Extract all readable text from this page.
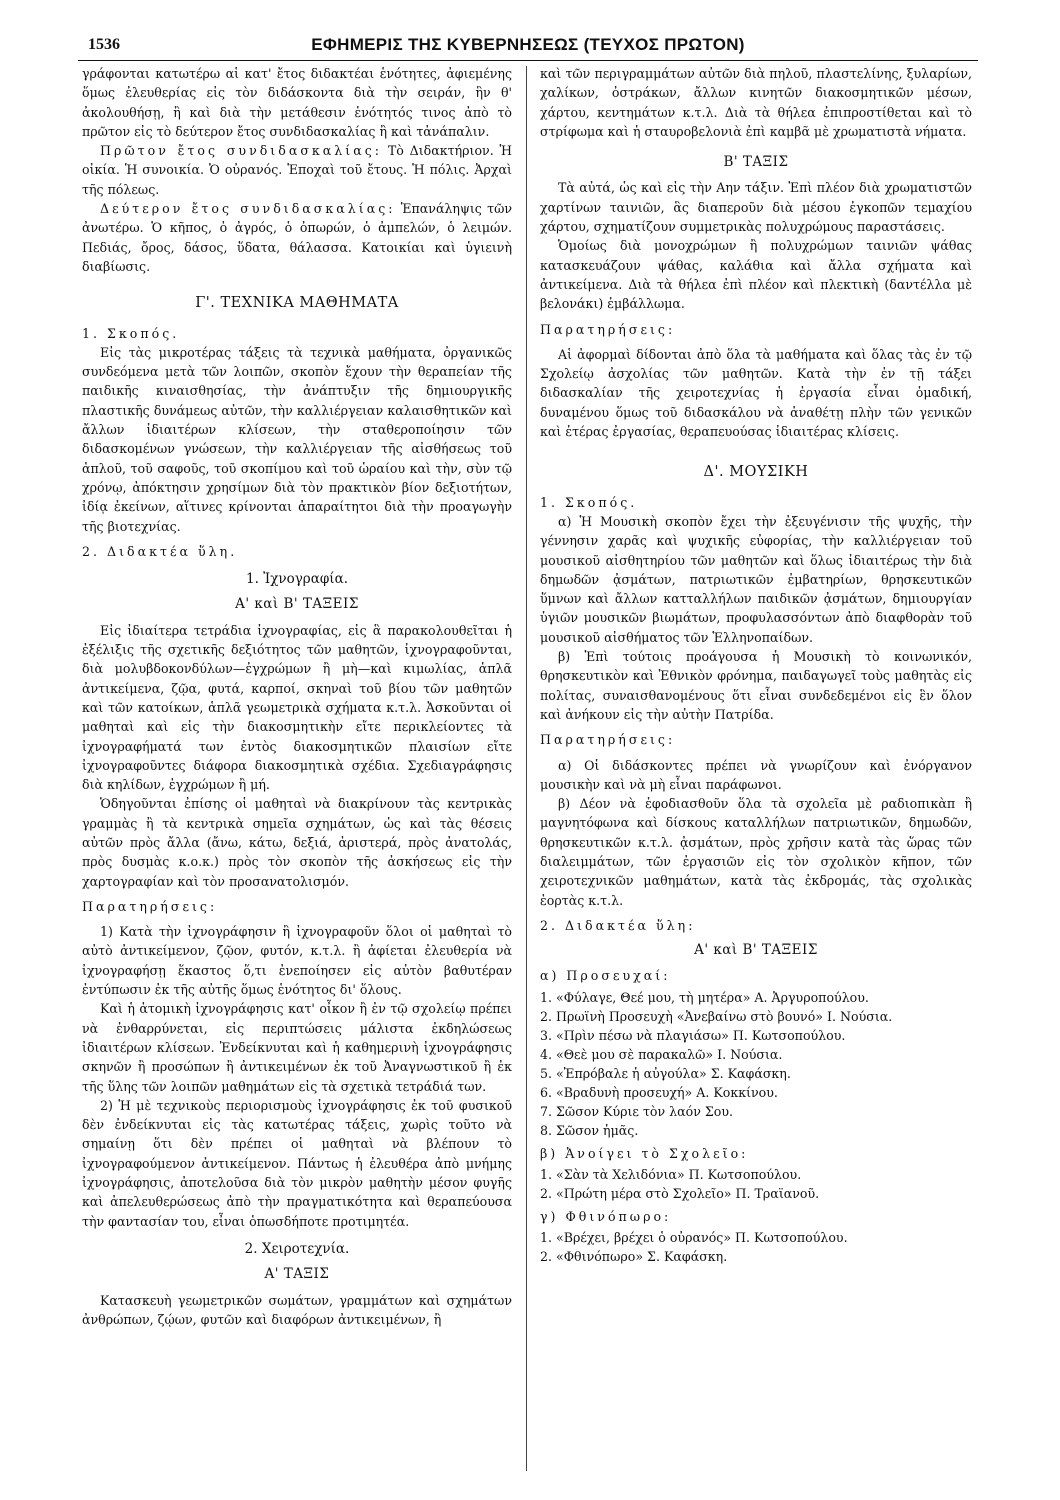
1536	ΕΦΗΜΕΡΙΣ ΤΗΣ ΚΥΒΕΡΝΗΣΕΩΣ (ΤΕΥΧΟΣ ΠΡΩΤΟΝ)

γράφονται κατωτέρω αἱ κατ' ἔτος διδακτέαι ἑνότητες, ἀφιεμένης ὅμως ἐλευθερίας εἰς τὸν διδάσκοντα διὰ τὴν σειράν, ἣν θ' ἀκολουθήσῃ, ἢ καὶ διὰ τὴν μετάθεσιν ἑνότητός τινος ἀπὸ τὸ πρῶτον εἰς τὸ δεύτερον ἔτος συνδιδασκαλίας ἢ καὶ τἀνάπαλιν.

Πρῶτον ἔτος συνδιδασκαλίας: Τὸ Διδακτήριον. Ἡ οἰκία. Ἡ συνοικία. Ὁ οὐρανός. Ἐποχαὶ τοῦ ἔτους. Ἡ πόλις. Ἀρχαὶ τῆς πόλεως.

Δεύτερον ἔτος συνδιδασκαλίας: Ἐπανάληψις τῶν ἀνωτέρω. Ὁ κῆπος, ὁ ἀγρός, ὁ ὀπωρών, ὁ ἀμπελών, ὁ λειμών. Πεδιάς, ὄρος, δάσος, ὕδατα, θάλασσα. Κατοικίαι καὶ ὑγιεινὴ διαβίωσις.

Γ'. ΤΕΧΝΙΚΑ ΜΑΘΗΜΑΤΑ

1. Σκοπός.

Εἰς τὰς μικροτέρας τάξεις τὰ τεχνικὰ μαθήματα, ὀργανικῶς συνδεόμενα μετὰ τῶν λοιπῶν, σκοπὸν ἔχουν τὴν θεραπείαν τῆς παιδικῆς κιναισθησίας, τὴν ἀνάπτυξιν τῆς δημιουργικῆς πλαστικῆς δυνάμεως αὐτῶν, τὴν καλλιέργειαν καλαισθητικῶν καὶ ἄλλων ἰδιαιτέρων κλίσεων, τὴν σταθεροποίησιν τῶν διδασκομένων γνώσεων, τὴν καλλιέργειαν τῆς αἰσθήσεως τοῦ ἁπλοῦ, τοῦ σαφοῦς, τοῦ σκοπίμου καὶ τοῦ ὡραίου καὶ τὴν, σὺν τῷ χρόνῳ, ἀπόκτησιν χρησίμων διὰ τὸν πρακτικὸν βίον δεξιοτήτων, ἰδίᾳ ἐκείνων, αἵτινες κρίνονται ἀπαραίτητοι διὰ τὴν προαγωγὴν τῆς βιοτεχνίας.

2. Διδακτέα ὕλη.

1. Ἰχνογραφία.
Α' καὶ Β' ΤΑΞΕΙΣ

Εἰς ἰδιαίτερα τετράδια ἰχνογραφίας, εἰς ἃ παρακολουθεῖται ἡ ἐξέλιξις τῆς σχετικῆς δεξιότητος τῶν μαθητῶν, ἰχνογραφοῦνται, διὰ μολυβδοκονδύλων—ἐγχρώμων ἢ μὴ—καὶ κιμωλίας, ἁπλᾶ ἀντικείμενα, ζῷα, φυτά, καρποί, σκηναὶ τοῦ βίου τῶν μαθητῶν καὶ τῶν κατοίκων, ἁπλᾶ γεωμετρικὰ σχήματα κ.τ.λ. Ἀσκοῦνται οἱ μαθηταὶ καὶ εἰς τὴν διακοσμητικὴν εἴτε περικλείοντες τὰ ἰχνογραφήματά των ἐντὸς διακοσμητικῶν πλαισίων εἴτε ἰχνογραφοῦντες διάφορα διακοσμητικὰ σχέδια. Σχεδιαγράφησις διὰ κηλίδων, ἐγχρώμων ἢ μή.

Ὁδηγοῦνται ἐπίσης οἱ μαθηταὶ νὰ διακρίνουν τὰς κεντρικὰς γραμμὰς ἢ τὰ κεντρικὰ σημεῖα σχημάτων, ὡς καὶ τὰς θέσεις αὐτῶν πρὸς ἄλλα (ἄνω, κάτω, δεξιά, ἀριστερά, πρὸς ἀνατολάς, πρὸς δυσμὰς κ.ο.κ.) πρὸς τὸν σκοπὸν τῆς ἀσκήσεως εἰς τὴν χαρτογραφίαν καὶ τὸν προσανατολισμόν.

Παρατηρήσεις:

1) Κατὰ τὴν ἰχνογράφησιν ἢ ἰχνογραφοῦν ὅλοι οἱ μαθηταὶ τὸ αὐτὸ ἀντικείμενον, ζῷον, φυτόν, κ.τ.λ. ἢ ἀφίεται ἐλευθερία νὰ ἰχνογραφήσῃ ἕκαστος ὅ,τι ἐνεποίησεν εἰς αὐτὸν βαθυτέραν ἐντύπωσιν ἐκ τῆς αὐτῆς ὅμως ἑνότητος δι' ὅλους.

Καὶ ἡ ἀτομικὴ ἰχνογράφησις κατ' οἶκον ἢ ἐν τῷ σχολείῳ πρέπει νὰ ἐνθαρρύνεται, εἰς περιπτώσεις μάλιστα ἐκδηλώσεως ἰδιαιτέρων κλίσεων. Ἐνδείκνυται καὶ ἡ καθημερινὴ ἰχνογράφησις σκηνῶν ἢ προσώπων ἢ ἀντικειμένων ἐκ τοῦ Ἀναγνωστικοῦ ἢ ἐκ τῆς ὕλης τῶν λοιπῶν μαθημάτων εἰς τὰ σχετικὰ τετράδιά των.

2) Ἡ μὲ τεχνικοὺς περιορισμοὺς ἰχνογράφησις ἐκ τοῦ φυσικοῦ δὲν ἐνδείκνυται εἰς τὰς κατωτέρας τάξεις, χωρὶς τοῦτο νὰ σημαίνῃ ὅτι δὲν πρέπει οἱ μαθηταὶ νὰ βλέπουν τὸ ἰχνογραφούμενον ἀντικείμενον. Πάντως ἡ ἐλευθέρα ἀπὸ μνήμης ἰχνογράφησις, ἀποτελοῦσα διὰ τὸν μικρὸν μαθητὴν μέσον φυγῆς καὶ ἀπελευθερώσεως ἀπὸ τὴν πραγματικότητα καὶ θεραπεύουσα τὴν φαντασίαν του, εἶναι ὁπωσδήποτε προτιμητέα.

2. Χειροτεχνία.
Α' ΤΑΞΙΣ

Κατασκευὴ γεωμετρικῶν σωμάτων, γραμμάτων καὶ σχημάτων ἀνθρώπων, ζῴων, φυτῶν καὶ διαφόρων ἀντικειμένων, ἢ

καὶ τῶν περιγραμμάτων αὐτῶν διὰ πηλοῦ, πλαστελίνης, ξυλαρίων, χαλίκων, ὀστράκων, ἄλλων κινητῶν διακοσμητικῶν μέσων, χάρτου, κεντημάτων κ.τ.λ. Διὰ τὰ θήλεα ἐπιπροστίθεται καὶ τὸ στρίφωμα καὶ ἡ σταυροβελονιὰ ἐπὶ καμβᾶ μὲ χρωματιστὰ νήματα.

Β' ΤΑΞΙΣ

Τὰ αὐτά, ὡς καὶ εἰς τὴν Αην τάξιν. Ἐπὶ πλέον διὰ χρωματιστῶν χαρτίνων ταινιῶν, ἃς διαπεροῦν διὰ μέσου ἐγκοπῶν τεμαχίου χάρτου, σχηματίζουν συμμετρικὰς πολυχρώμους παραστάσεις.

Ὁμοίως διὰ μονοχρώμων ἢ πολυχρώμων ταινιῶν ψάθας κατασκευάζουν ψάθας, καλάθια καὶ ἄλλα σχήματα καὶ ἀντικείμενα. Διὰ τὰ θήλεα ἐπὶ πλέον καὶ πλεκτικὴ (δαντέλλα μὲ βελονάκι) ἐμβάλλωμα.

Παρατηρήσεις:

Αἱ ἀφορμαὶ δίδονται ἀπὸ ὅλα τὰ μαθήματα καὶ ὅλας τὰς ἐν τῷ Σχολείῳ ἀσχολίας τῶν μαθητῶν. Κατὰ τὴν ἐν τῇ τάξει διδασκαλίαν τῆς χειροτεχνίας ἡ ἐργασία εἶναι ὁμαδική, δυναμένου ὅμως τοῦ διδασκάλου νὰ ἀναθέτῃ πλὴν τῶν γενικῶν καὶ ἑτέρας ἐργασίας, θεραπευούσας ἰδιαιτέρας κλίσεις.

Δ'. ΜΟΥΣΙΚΗ

1. Σκοπός.

α) Ἡ Μουσικὴ σκοπὸν ἔχει τὴν ἐξευγένισιν τῆς ψυχῆς, τὴν γέννησιν χαρᾶς καὶ ψυχικῆς εὐφορίας, τὴν καλλιέργειαν τοῦ μουσικοῦ αἰσθητηρίου τῶν μαθητῶν καὶ ὅλως ἰδιαιτέρως τὴν διὰ δημωδῶν ᾀσμάτων, πατριωτικῶν ἐμβατηρίων, θρησκευτικῶν ὕμνων καὶ ἄλλων κατταλλήλων παιδικῶν ᾀσμάτων, δημιουργίαν ὑγιῶν μουσικῶν βιωμάτων, προφυλασσόντων ἀπὸ διαφθορὰν τοῦ μουσικοῦ αἰσθήματος τῶν Ἑλληνοπαίδων.

β) Ἐπὶ τούτοις προάγουσα ἡ Μουσικὴ τὸ κοινωνικόν, θρησκευτικὸν καὶ Ἐθνικὸν φρόνημα, παιδαγωγεῖ τοὺς μαθητὰς εἰς πολίτας, συναισθανομένους ὅτι εἶναι συνδεδεμένοι εἰς ἓν ὅλον καὶ ἀνήκουν εἰς τὴν αὐτὴν Πατρίδα.

Παρατηρήσεις:

α) Οἱ διδάσκοντες πρέπει νὰ γνωρίζουν καὶ ἐνόργανον μουσικὴν καὶ νὰ μὴ εἶναι παράφωνοι.

β) Δέον νὰ ἐφοδιασθοῦν ὅλα τὰ σχολεῖα μὲ ραδιοπικὰπ ἢ μαγνητόφωνα καὶ δίσκους καταλλήλων πατριωτικῶν, δημωδῶν, θρησκευτικῶν κ.τ.λ. ᾀσμάτων, πρὸς χρῆσιν κατὰ τὰς ὥρας τῶν διαλειμμάτων, τῶν ἐργασιῶν εἰς τὸν σχολικὸν κῆπον, τῶν χειροτεχνικῶν μαθημάτων, κατὰ τὰς ἐκδρομάς, τὰς σχολικὰς ἑορτὰς κ.τ.λ.

2. Διδακτέα ὕλη:

Α' καὶ Β' ΤΑΞΕΙΣ

α) Προσευχαί:

1. «Φύλαγε, Θεέ μου, τὴ μητέρα» Α. Ἀργυροπούλου.
2. Πρωϊνὴ Προσευχὴ «Ἀνεβαίνω στὸ βουνό» Ι. Νούσια.
3. «Πρὶν πέσω νὰ πλαγιάσω» Π. Κωτσοπούλου.
4. «Θεὲ μου σὲ παρακαλῶ» Ι. Νούσια.
5. «Ἐπρόβαλε ἡ αὐγούλα» Σ. Καφάσκη.
6. «Βραδυνὴ προσευχή» Α. Κοκκίνου.
7. Σῶσον Κύριε τὸν λαόν Σου.
8. Σῶσον ἡμᾶς.

β) Ἀνοίγει τὸ Σχολεῖο:

1. «Σὰν τὰ Χελιδόνια» Π. Κωτσοπούλου.
2. «Πρώτη μέρα στὸ Σχολεῖο» Π. Τραϊανοῦ.

γ) Φθινόπωρο:

1. «Βρέχει, βρέχει ὁ οὐρανός» Π. Κωτσοπούλου.
2. «Φθινόπωρο» Σ. Καφάσκη.
